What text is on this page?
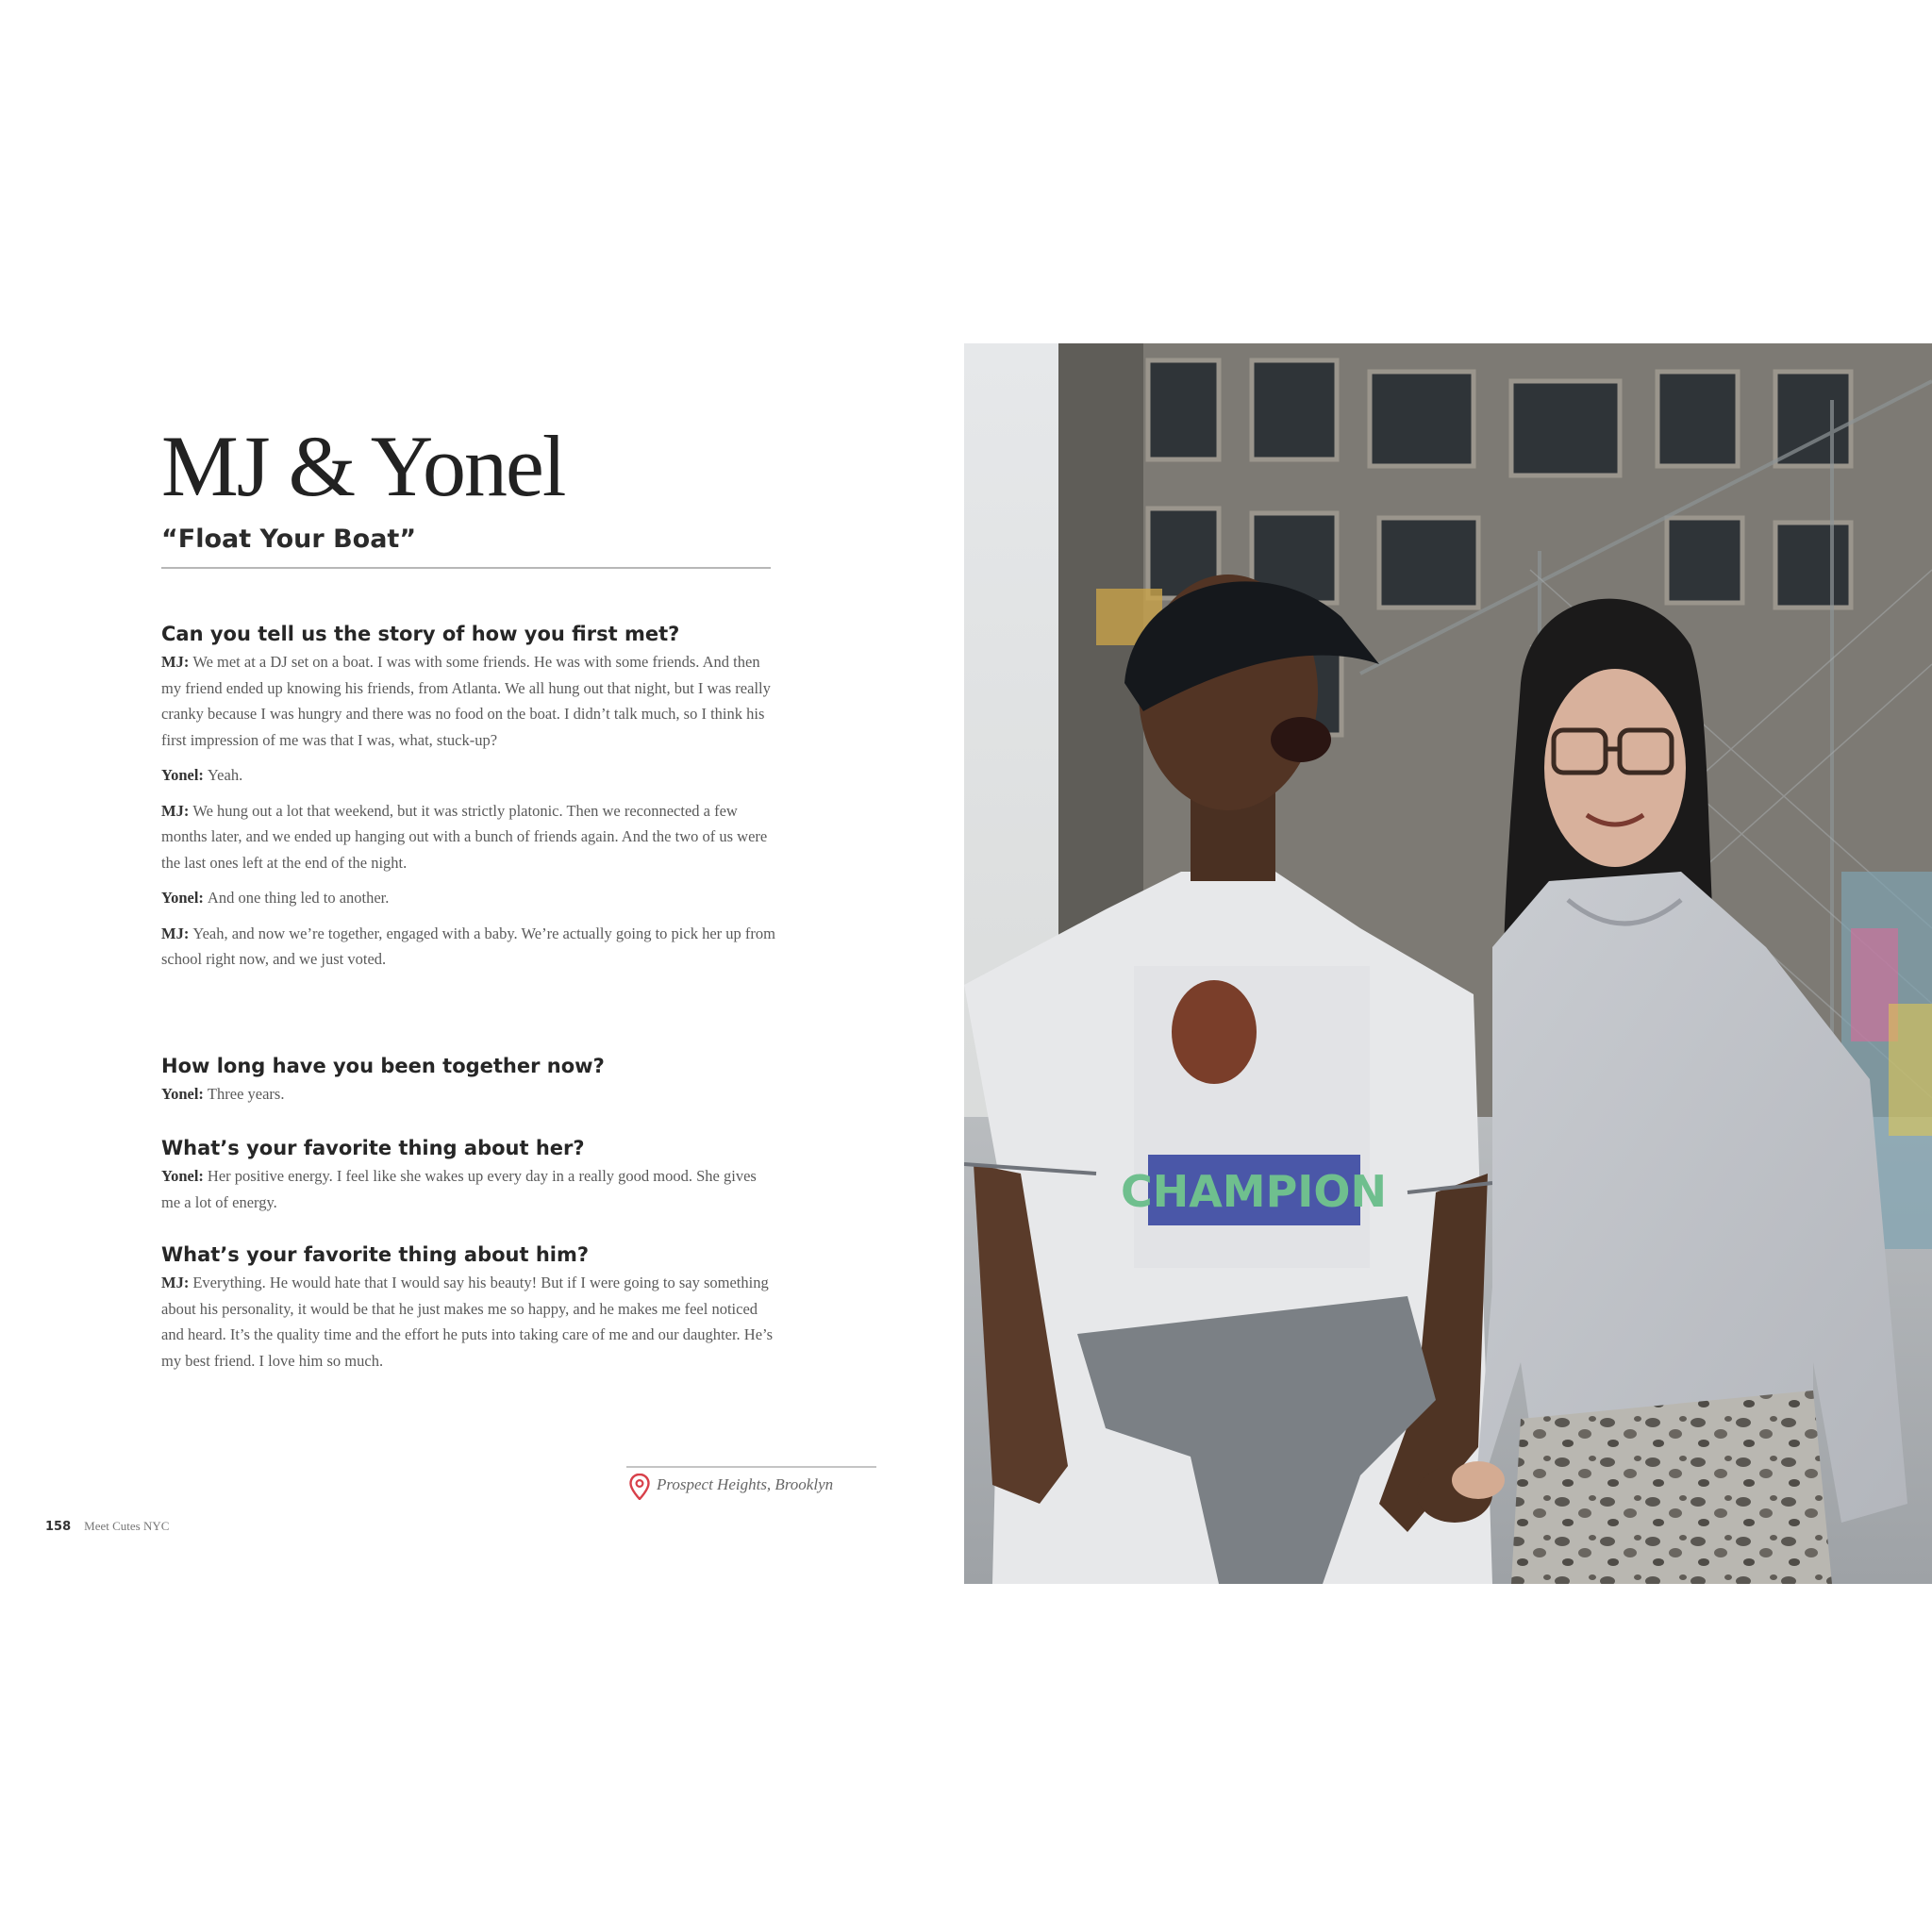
MJ & Yonel
“Float Your Boat”
Can you tell us the story of how you first met?

MJ: We met at a DJ set on a boat. I was with some friends. He was with some friends. And then my friend ended up knowing his friends, from Atlanta. We all hung out that night, but I was really cranky because I was hungry and there was no food on the boat. I didn’t talk much, so I think his first impression of me was that I was, what, stuck-up?

Yonel: Yeah.

MJ: We hung out a lot that weekend, but it was strictly platonic. Then we reconnected a few months later, and we ended up hanging out with a bunch of friends again. And the two of us were the last ones left at the end of the night.

Yonel: And one thing led to another.

MJ: Yeah, and now we’re together, engaged with a baby. We’re actually going to pick her up from school right now, and we just voted.

How long have you been together now?

Yonel: Three years.

What’s your favorite thing about her?

Yonel: Her positive energy. I feel like she wakes up every day in a really good mood. She gives me a lot of energy.

What’s your favorite thing about him?

MJ: Everything. He would hate that I would say his beauty! But if I were going to say something about his personality, it would be that he just makes me so happy, and he makes me feel noticed and heard. It’s the quality time and the effort he puts into taking care of me and our daughter. He’s my best friend. I love him so much.

Prospect Heights, Brooklyn
158 Meet Cutes NYC
CHAMPION
